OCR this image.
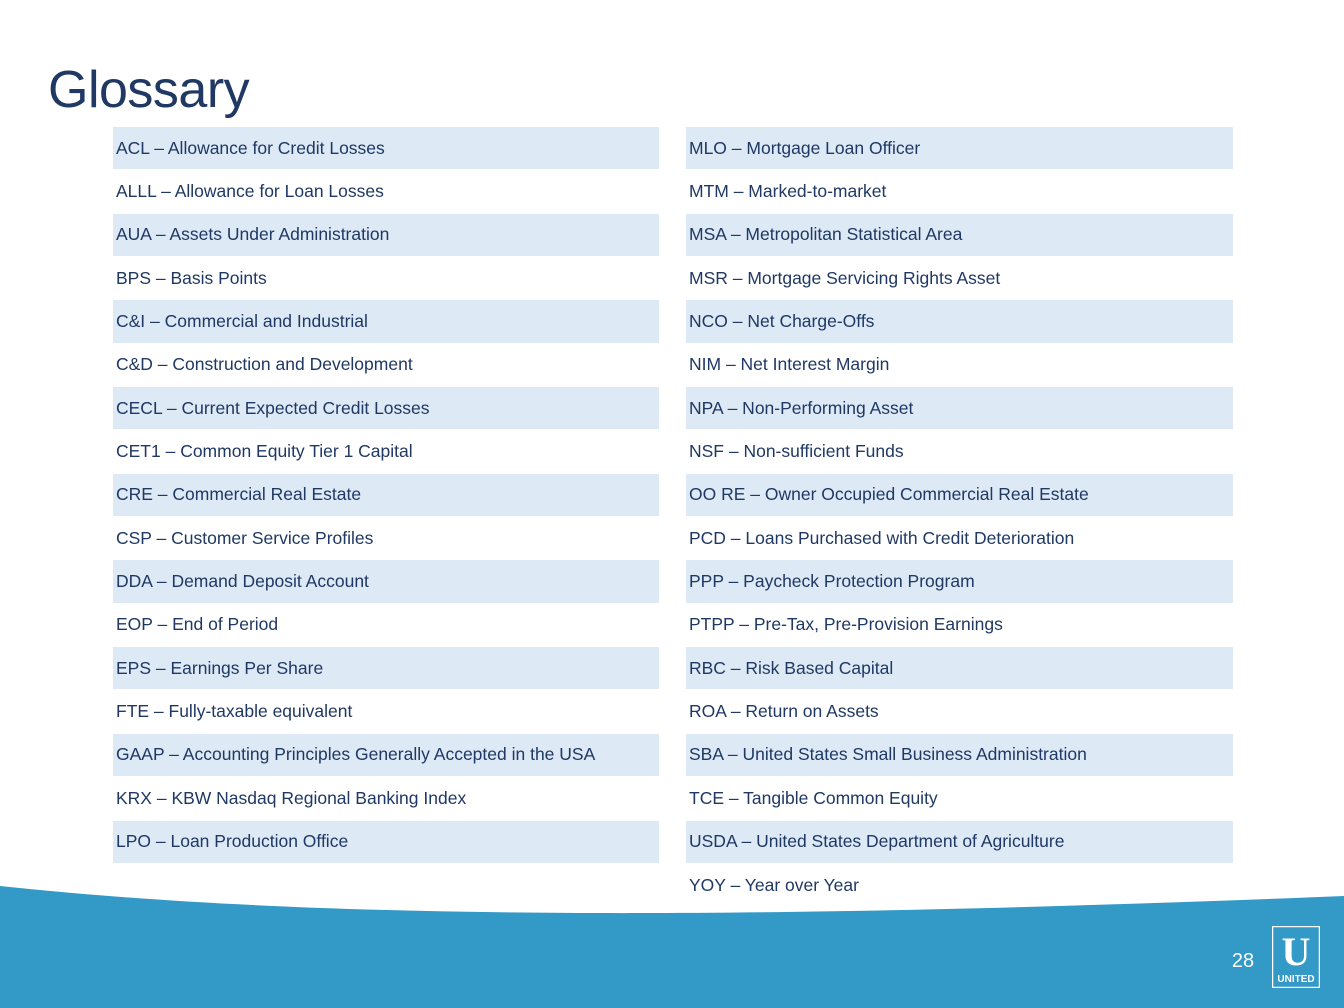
Glossary
ACL – Allowance for Credit Losses
ALLL – Allowance for Loan Losses
AUA – Assets Under Administration
BPS – Basis Points
C&I – Commercial and Industrial
C&D – Construction and Development
CECL – Current Expected Credit Losses
CET1 – Common Equity Tier 1 Capital
CRE – Commercial Real Estate
CSP – Customer Service Profiles
DDA – Demand Deposit Account
EOP – End of Period
EPS – Earnings Per Share
FTE – Fully-taxable equivalent
GAAP – Accounting Principles Generally Accepted in the USA
KRX – KBW Nasdaq Regional Banking Index
LPO – Loan Production Office
MLO – Mortgage Loan Officer
MTM – Marked-to-market
MSA – Metropolitan Statistical Area
MSR – Mortgage Servicing Rights Asset
NCO – Net Charge-Offs
NIM – Net Interest Margin
NPA – Non-Performing Asset
NSF – Non-sufficient Funds
OO RE – Owner Occupied Commercial Real Estate
PCD – Loans Purchased with Credit Deterioration
PPP – Paycheck Protection Program
PTPP – Pre-Tax, Pre-Provision Earnings
RBC – Risk Based Capital
ROA – Return on Assets
SBA – United States Small Business Administration
TCE – Tangible Common Equity
USDA – United States Department of Agriculture
YOY – Year over Year
28 U
UNITED
